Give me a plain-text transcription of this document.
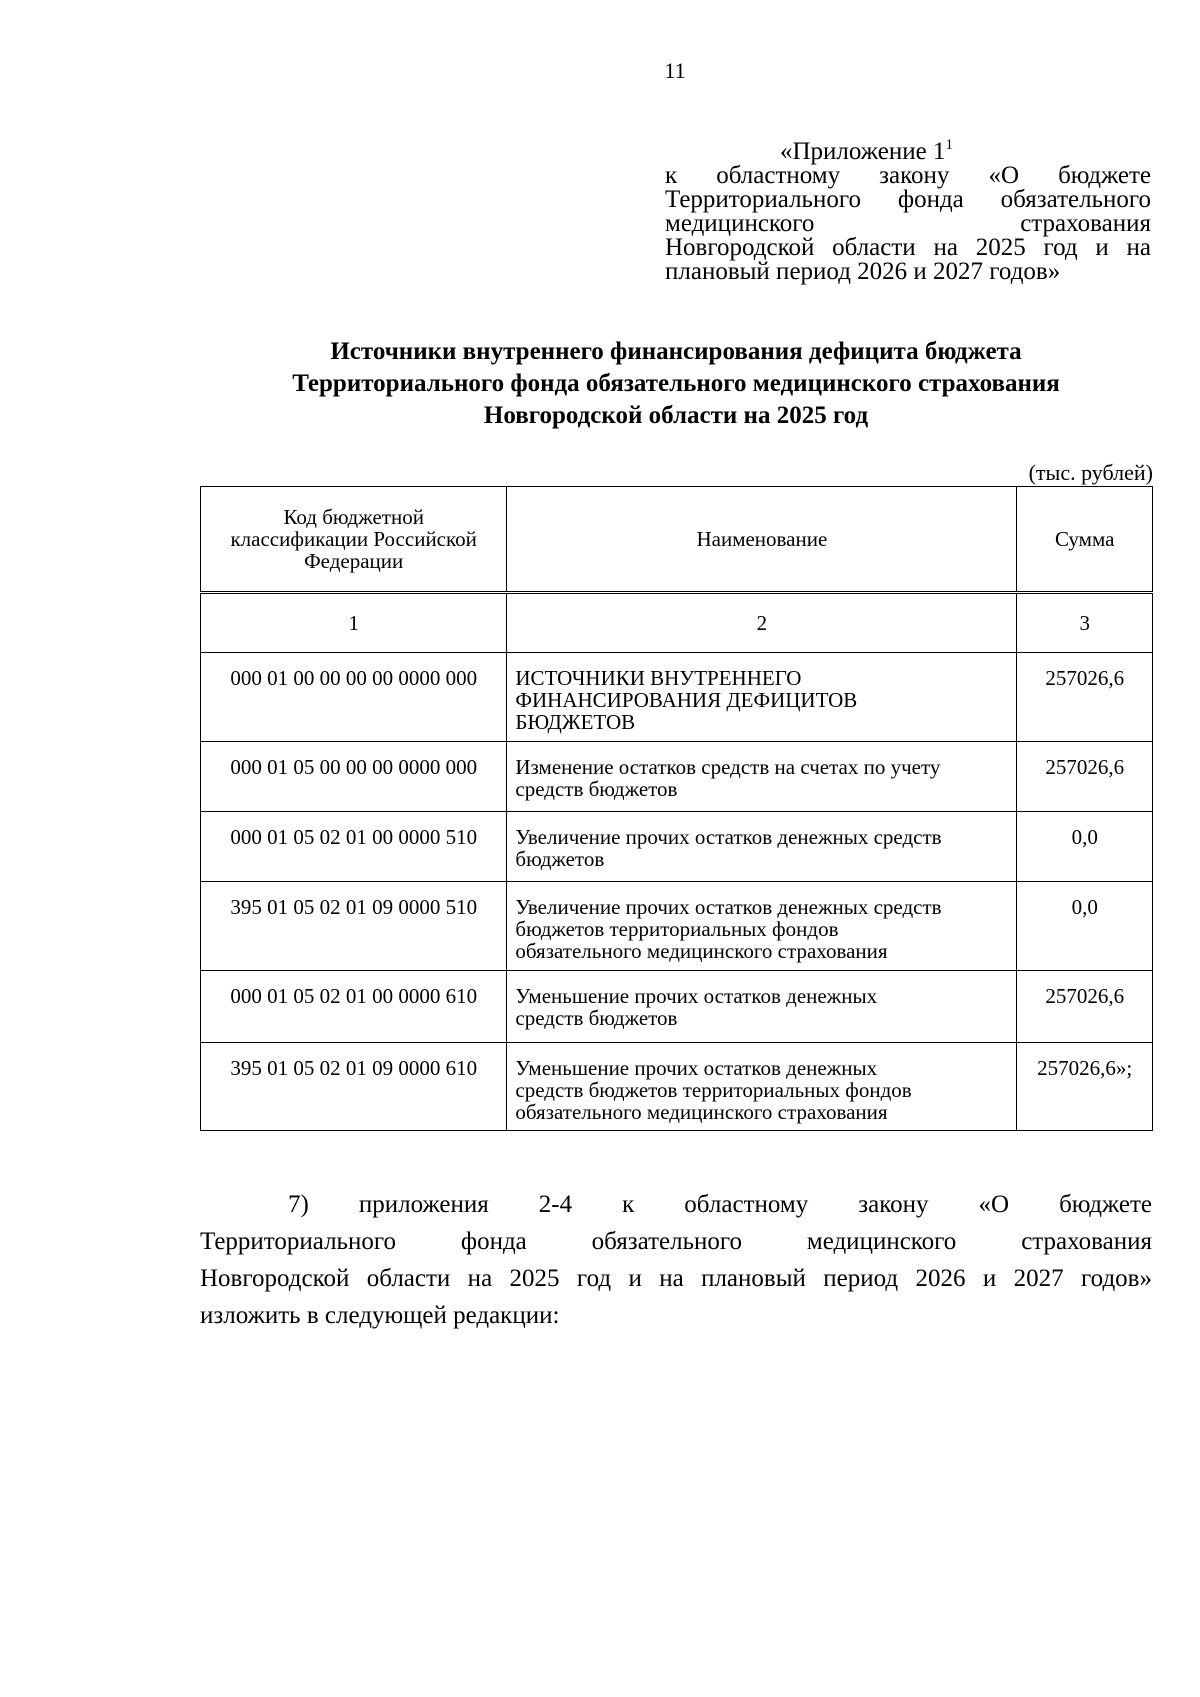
11
«Приложение $1^1$
к областному закону «О бюджете
Территориального фонда обязательного
медицинского страхования
Новгородской области на 2025 год и на
плановый период 2026 и 2027 годов»
Источники внутреннего финансирования дефицита бюджета
Территориального фонда обязательного медицинского страхования
Новгородской области на 2025 год
(тыс. рублей)
Код бюджетной
классификации Российской
Федерации	Наименование	Сумма
1	2	3
000 01 00 00 00 00 0000 000	ИСТОЧНИКИ ВНУТРЕННЕГО
ФИНАНСИРОВАНИЯ ДЕФИЦИТОВ
БЮДЖЕТОВ	257026,6
000 01 05 00 00 00 0000 000	Изменение остатков средств на счетах по учету
средств бюджетов	257026,6
000 01 05 02 01 00 0000 510	Увеличение прочих остатков денежных средств
бюджетов	0,0
395 01 05 02 01 09 0000 510	Увеличение прочих остатков денежных средств
бюджетов территориальных фондов
обязательного медицинского страхования	0,0
000 01 05 02 01 00 0000 610	Уменьшение прочих остатков денежных
средств бюджетов	257026,6
395 01 05 02 01 09 0000 610	Уменьшение прочих остатков денежных
средств бюджетов территориальных фондов
обязательного медицинского страхования	257026,6»;
7) приложения 2-4 к областному закону «О бюджете
Территориального фонда обязательного медицинского страхования
Новгородской области на 2025 год и на плановый период 2026 и 2027 годов»
изложить в следующей редакции:
